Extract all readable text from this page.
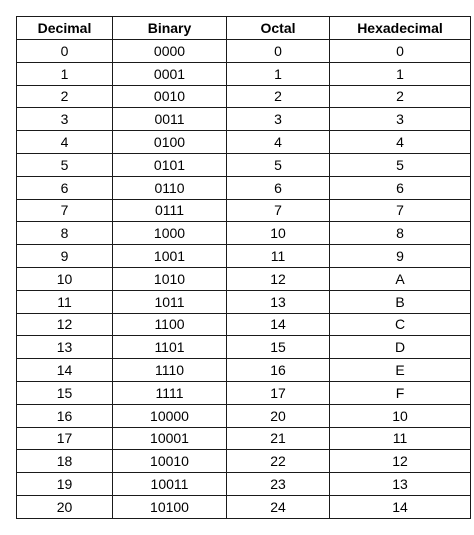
Decimal	Binary	Octal	Hexadecimal
0	0000	0	0
1	0001	1	1
2	0010	2	2
3	0011	3	3
4	0100	4	4
5	0101	5	5
6	0110	6	6
7	0111	7	7
8	1000	10	8
9	1001	11	9
10	1010	12	A
11	1011	13	B
12	1100	14	C
13	1101	15	D
14	1110	16	E
15	1111	17	F
16	10000	20	10
17	10001	21	11
18	10010	22	12
19	10011	23	13
20	10100	24	14
